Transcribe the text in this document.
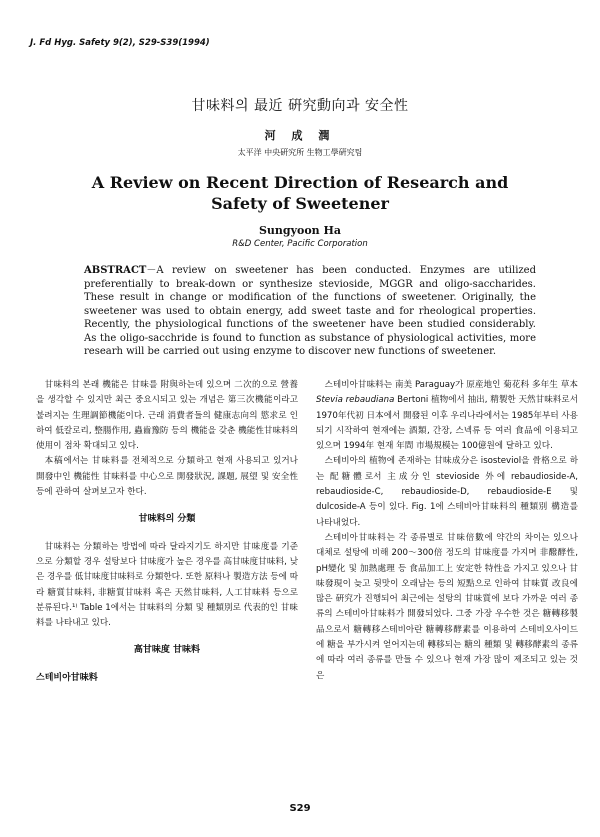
J. Fd Hyg. Safety 9(2), S29-S39(1994)
甘味料의 最近 硏究動向과 安全性
河 成 潤
太平洋 中央硏究所 生物工學硏究팀
A Review on Recent Direction of Research and Safety of Sweetener
Sungyoon Ha
R&D Center, Pacific Corporation
ABSTRACT－A review on sweetener has been conducted. Enzymes are utilized preferentially to break-down or synthesize stevioside, MGGR and oligo-saccharides. These result in change or modification of the functions of sweetener. Originally, the sweetener was used to obtain energy, add sweet taste and for rheological properties. Recently, the physiological functions of the sweetener have been studied considerably. As the oligo-sacchride is found to function as substance of physiological activities, more researh will be carried out using enzyme to discover new functions of sweetener.

甘味料의 본래 機能은 甘味를 附與하는데 있으며 二次的으로 營養을 생각할 수 있지만 최근 중요시되고 있는 개념은 第三次機能이라고 불려지는 生理調節機能이다. 근래 消費者들의 健康志向의 慾求로 인하여 低칼로리, 整腸作用, 蟲齒豫防 등의 機能을 갖춘 機能性甘味料의 使用이 점차 확대되고 있다.

本稿에서는 甘味料를 전체적으로 分類하고 현재 사용되고 있거나 開發中인 機能性 甘味料를 中心으로 開發狀況, 課題, 展望 및 安全性 등에 관하여 살펴보고자 한다.

甘味料의 分類

甘味料는 分類하는 방법에 따라 달라지기도 하지만 甘味度를 기준으로 分類할 경우 설탕보다 甘味度가 높은 경우를 高甘味度甘味料, 낮은 경우를 低甘味度甘味料로 分類한다. 또한 原料나 製造方法 등에 따라 糖質甘味料, 非糖質甘味料 혹은 天然甘味料, 人工甘味料 등으로 분류된다.¹⁾ Table 1에서는 甘味料의 分類 및 種類別로 代表的인 甘味料를 나타내고 있다.

高甘味度 甘味料
스테비아甘味料

스테비아甘味料는 南美 Paraguay가 原産地인 菊花科 多年生 草本 Stevia rebaudiana Bertoni 植物에서 抽出, 精製한 天然甘味料로서 1970年代初 日本에서 開發된 이후 우리나라에서는 1985年부터 사용되기 시작하여 현재에는 酒類, 간장, 스넥류 등 여러 食品에 이용되고 있으며 1994年 현재 年間 市場規模는 100億원에 달하고 있다.

스테비아의 植物에 존재하는 甘味成分은 isosteviol을 骨格으로 하는 配糖體로서 主成分인 stevioside 外에 rebaudioside-A, rebaudioside-C, rebaudioside-D, rebaudioside-E 및 dulcoside-A 등이 있다. Fig. 1에 스테비아甘味料의 種類別 構造를 나타내었다.

스테비아甘味料는 각 종류별로 甘味倍數에 약간의 차이는 있으나 대체로 설탕에 비해 200～300倍 정도의 甘味度를 가지며 非醱酵性, pH變化 및 加熱處理 등 食品加工上 安定한 特性을 가지고 있으나 甘味發現이 늦고 뒷맛이 오래남는 등의 短點으로 인하여 甘味質 改良에 많은 硏究가 진행되어 최근에는 설탕의 甘味質에 보다 가까운 여러 종류의 스테비아甘味料가 開發되었다. 그중 가장 우수한 것은 糖轉移製品으로서 糖轉移스테비아란 糖轉移酵素를 이용하여 스테비오사이드에 糖을 부가시켜 얻어지는데 轉移되는 糖의 種類 및 轉移酵素의 종류에 따라 여러 종류를 만들 수 있으나 현재 가장 많이 제조되고 있는 것은

S29
